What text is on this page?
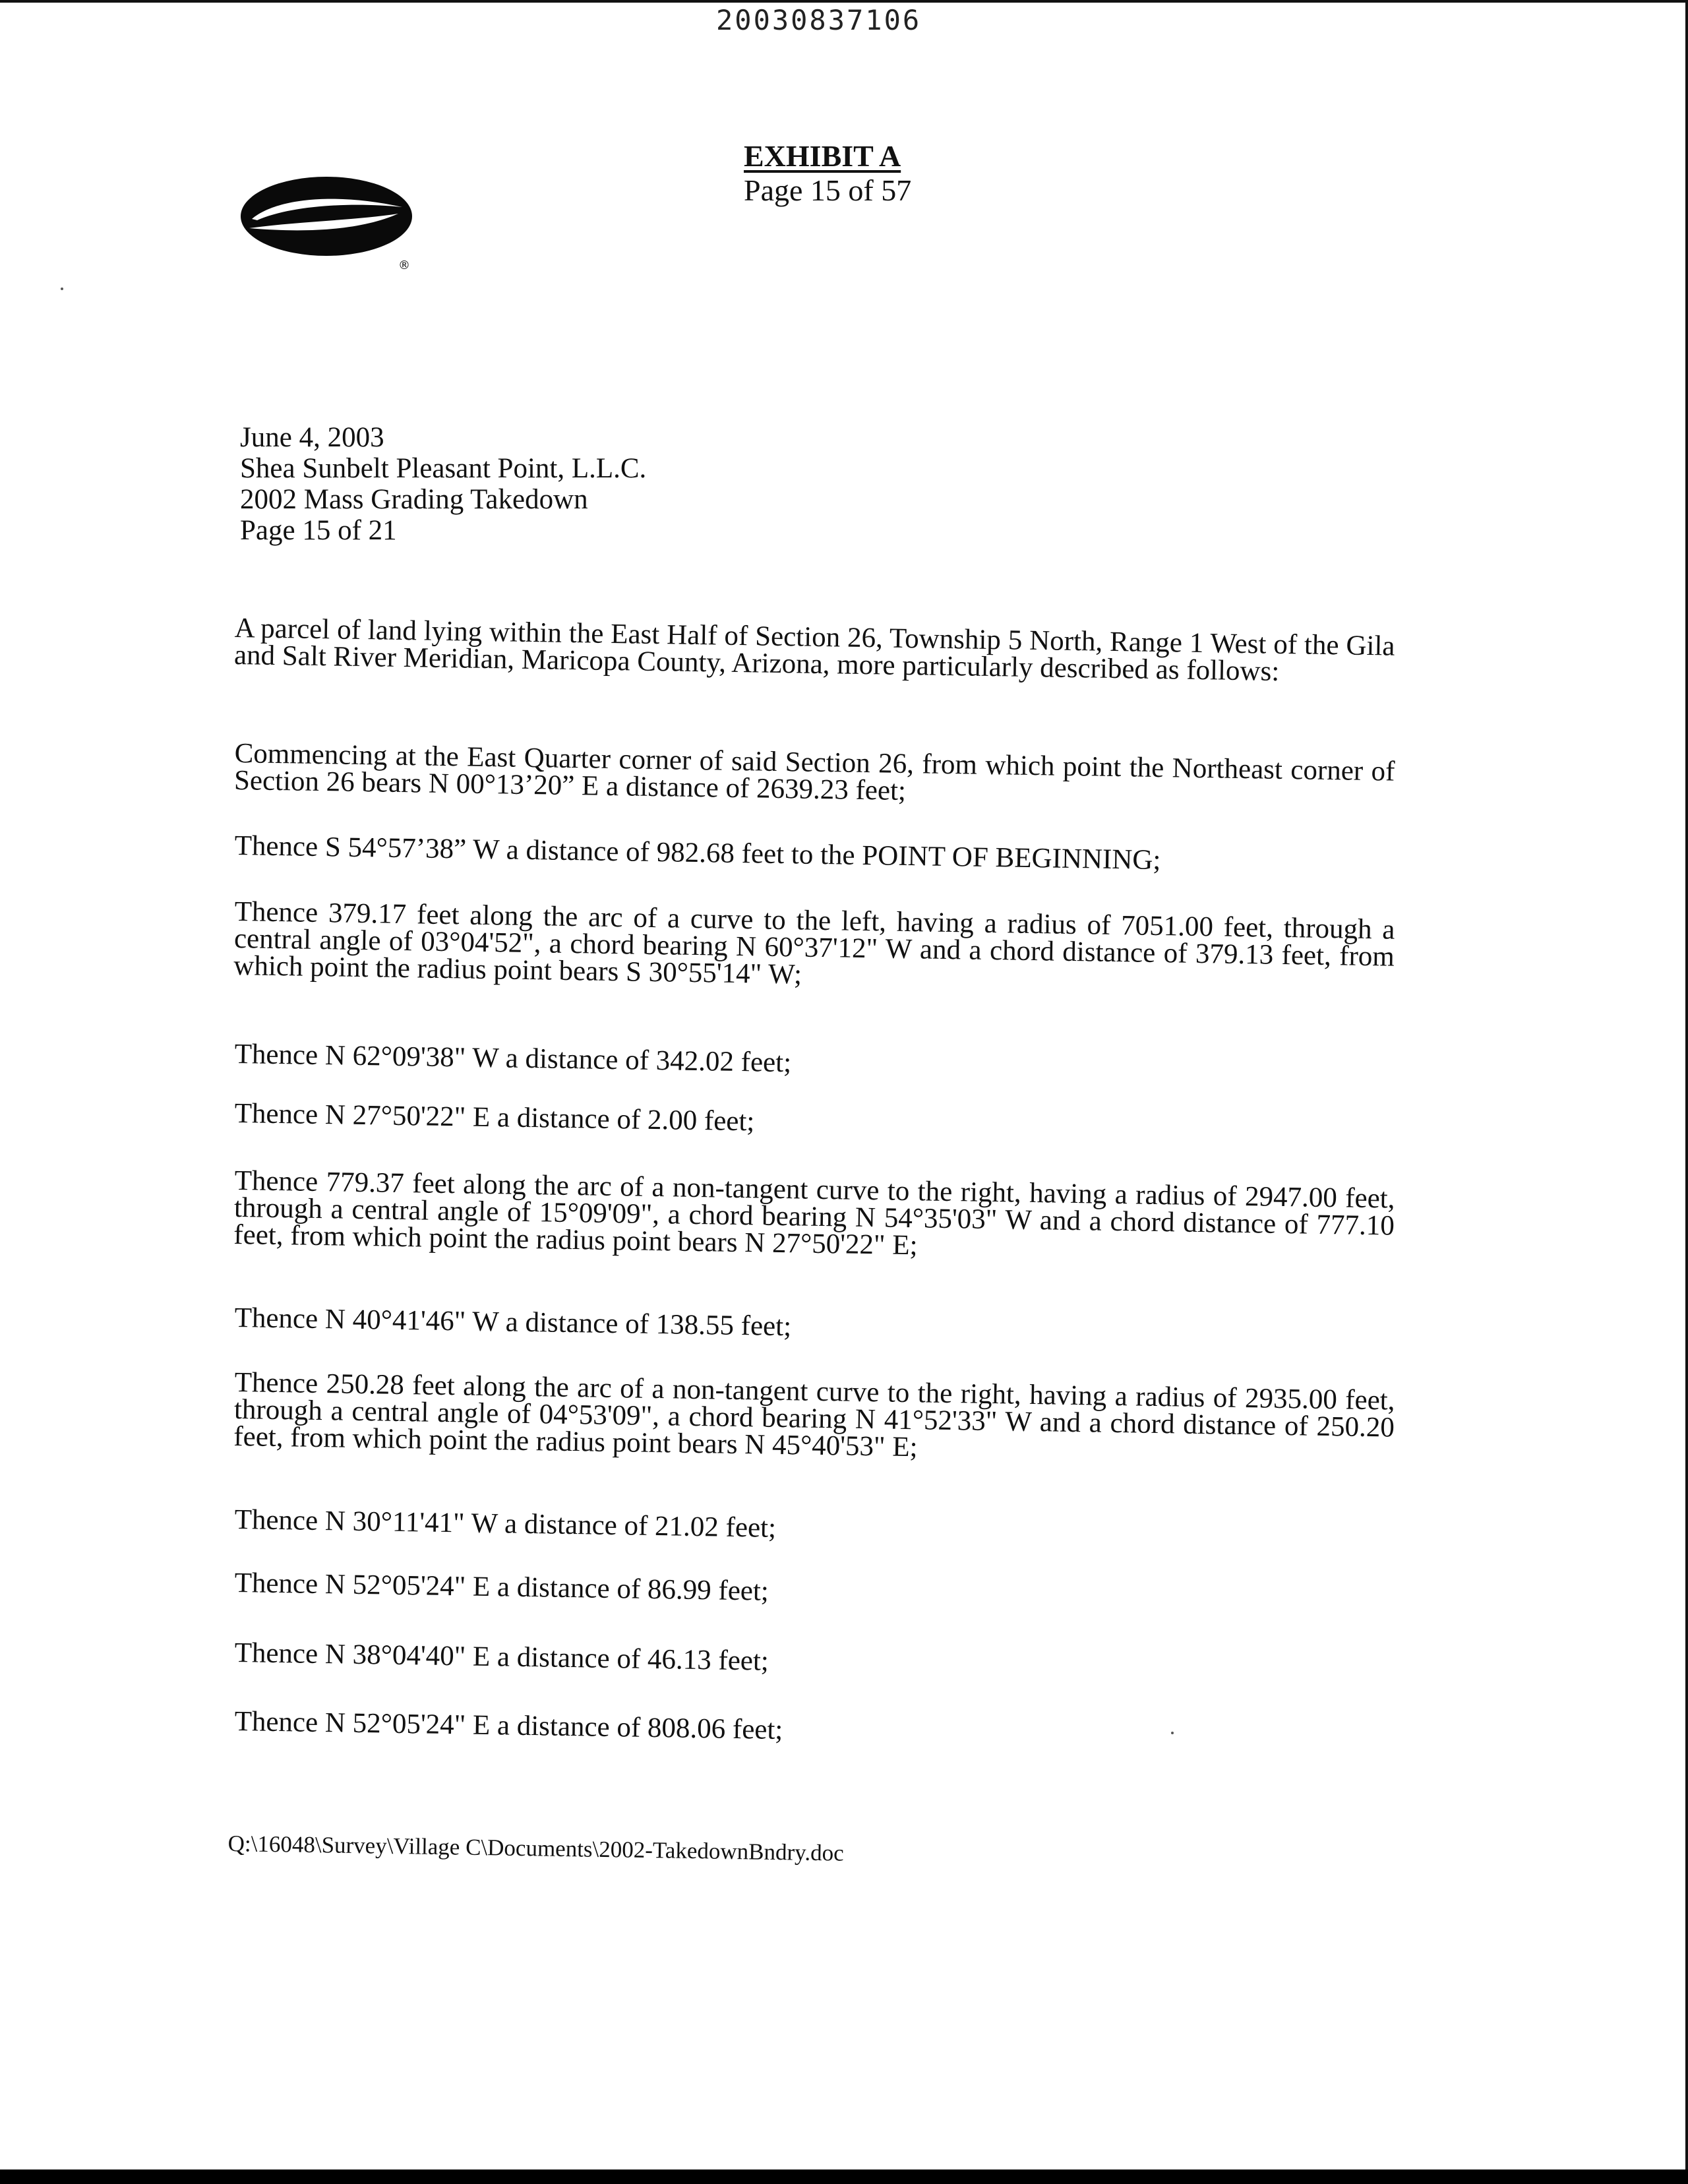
20030837106
EXHIBIT A
Page 15 of 57
®
June 4, 2003
Shea Sunbelt Pleasant Point, L.L.C.
2002 Mass Grading Takedown
Page 15 of 21
A parcel of land lying within the East Half of Section 26, Township 5 North, Range 1 West of the Gila and Salt River Meridian, Maricopa County, Arizona, more particularly described as follows:
Commencing at the East Quarter corner of said Section 26, from which point the Northeast corner of Section 26 bears N 00°13’20” E a distance of 2639.23 feet;
Thence S 54°57’38” W a distance of 982.68 feet to the POINT OF BEGINNING;
Thence 379.17 feet along the arc of a curve to the left, having a radius of 7051.00 feet, through a central angle of 03°04'52", a chord bearing N 60°37'12" W and a chord distance of 379.13 feet, from which point the radius point bears S 30°55'14" W;
Thence N 62°09'38" W a distance of 342.02 feet;
Thence N 27°50'22" E a distance of 2.00 feet;
Thence 779.37 feet along the arc of a non-tangent curve to the right, having a radius of 2947.00 feet, through a central angle of 15°09'09", a chord bearing N 54°35'03" W and a chord distance of 777.10 feet, from which point the radius point bears N 27°50'22" E;
Thence N 40°41'46" W a distance of 138.55 feet;
Thence 250.28 feet along the arc of a non-tangent curve to the right, having a radius of 2935.00 feet, through a central angle of 04°53'09", a chord bearing N 41°52'33" W and a chord distance of 250.20 feet, from which point the radius point bears N 45°40'53" E;
Thence N 30°11'41" W a distance of 21.02 feet;
Thence N 52°05'24" E a distance of 86.99 feet;
Thence N 38°04'40" E a distance of 46.13 feet;
Thence N 52°05'24" E a distance of 808.06 feet;
Q:\16048\Survey\Village C\Documents\2002-TakedownBndry.doc
